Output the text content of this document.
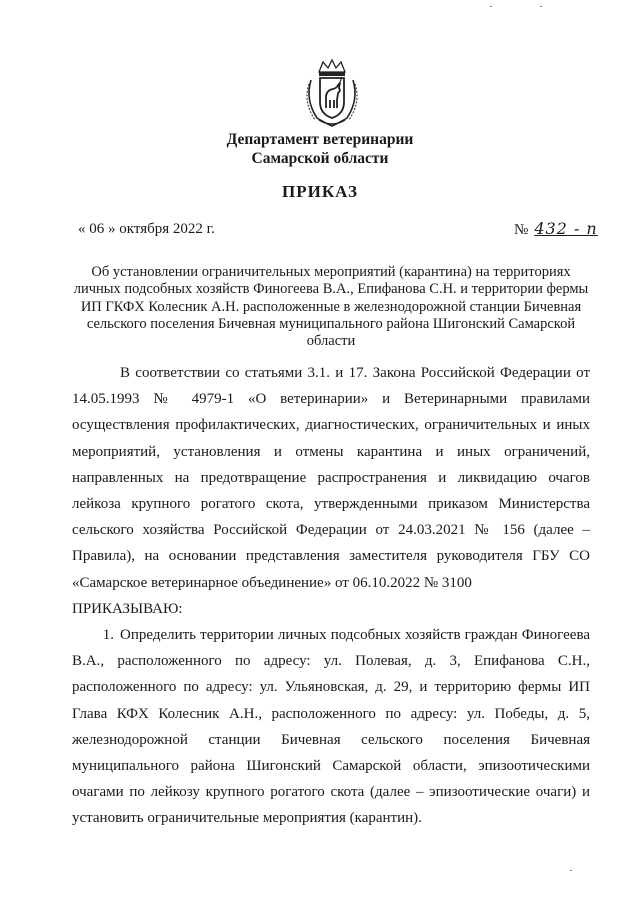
Департамент ветеринарии
Самарской области
ПРИКАЗ
« 06 » октября 2022 г.	№ 432 - n
Об установлении ограничительных мероприятий (карантина) на территориях личных подсобных хозяйств Финогеева В.А., Епифанова С.Н. и территории фермы ИП ГКФХ Колесник А.Н. расположенные в железнодорожной станции Бичевная сельского поселения Бичевная муниципального района Шигонский Самарской области

В соответствии со статьями 3.1. и 17. Закона Российской Федерации от 14.05.1993 № 4979-1 «О ветеринарии» и Ветеринарными правилами осуществления профилактических, диагностических, ограничительных и иных мероприятий, установления и отмены карантина и иных ограничений, направленных на предотвращение распространения и ликвидацию очагов лейкоза крупного рогатого скота, утвержденными приказом Министерства сельского хозяйства Российской Федерации от 24.03.2021 № 156 (далее – Правила), на основании представления заместителя руководителя ГБУ СО «Самарское ветеринарное объединение» от 06.10.2022 № 3100

ПРИКАЗЫВАЮ:

1. Определить территории личных подсобных хозяйств граждан Финогеева В.А., расположенного по адресу: ул. Полевая, д. 3, Епифанова С.Н., расположенного по адресу: ул. Ульяновская, д. 29, и территорию фермы ИП Глава КФХ Колесник А.Н., расположенного по адресу: ул. Победы, д. 5, железнодорожной станции Бичевная сельского поселения Бичевная муниципального района Шигонский Самарской области, эпизоотическими очагами по лейкозу крупного рогатого скота (далее – эпизоотические очаги) и установить ограничительные мероприятия (карантин).
